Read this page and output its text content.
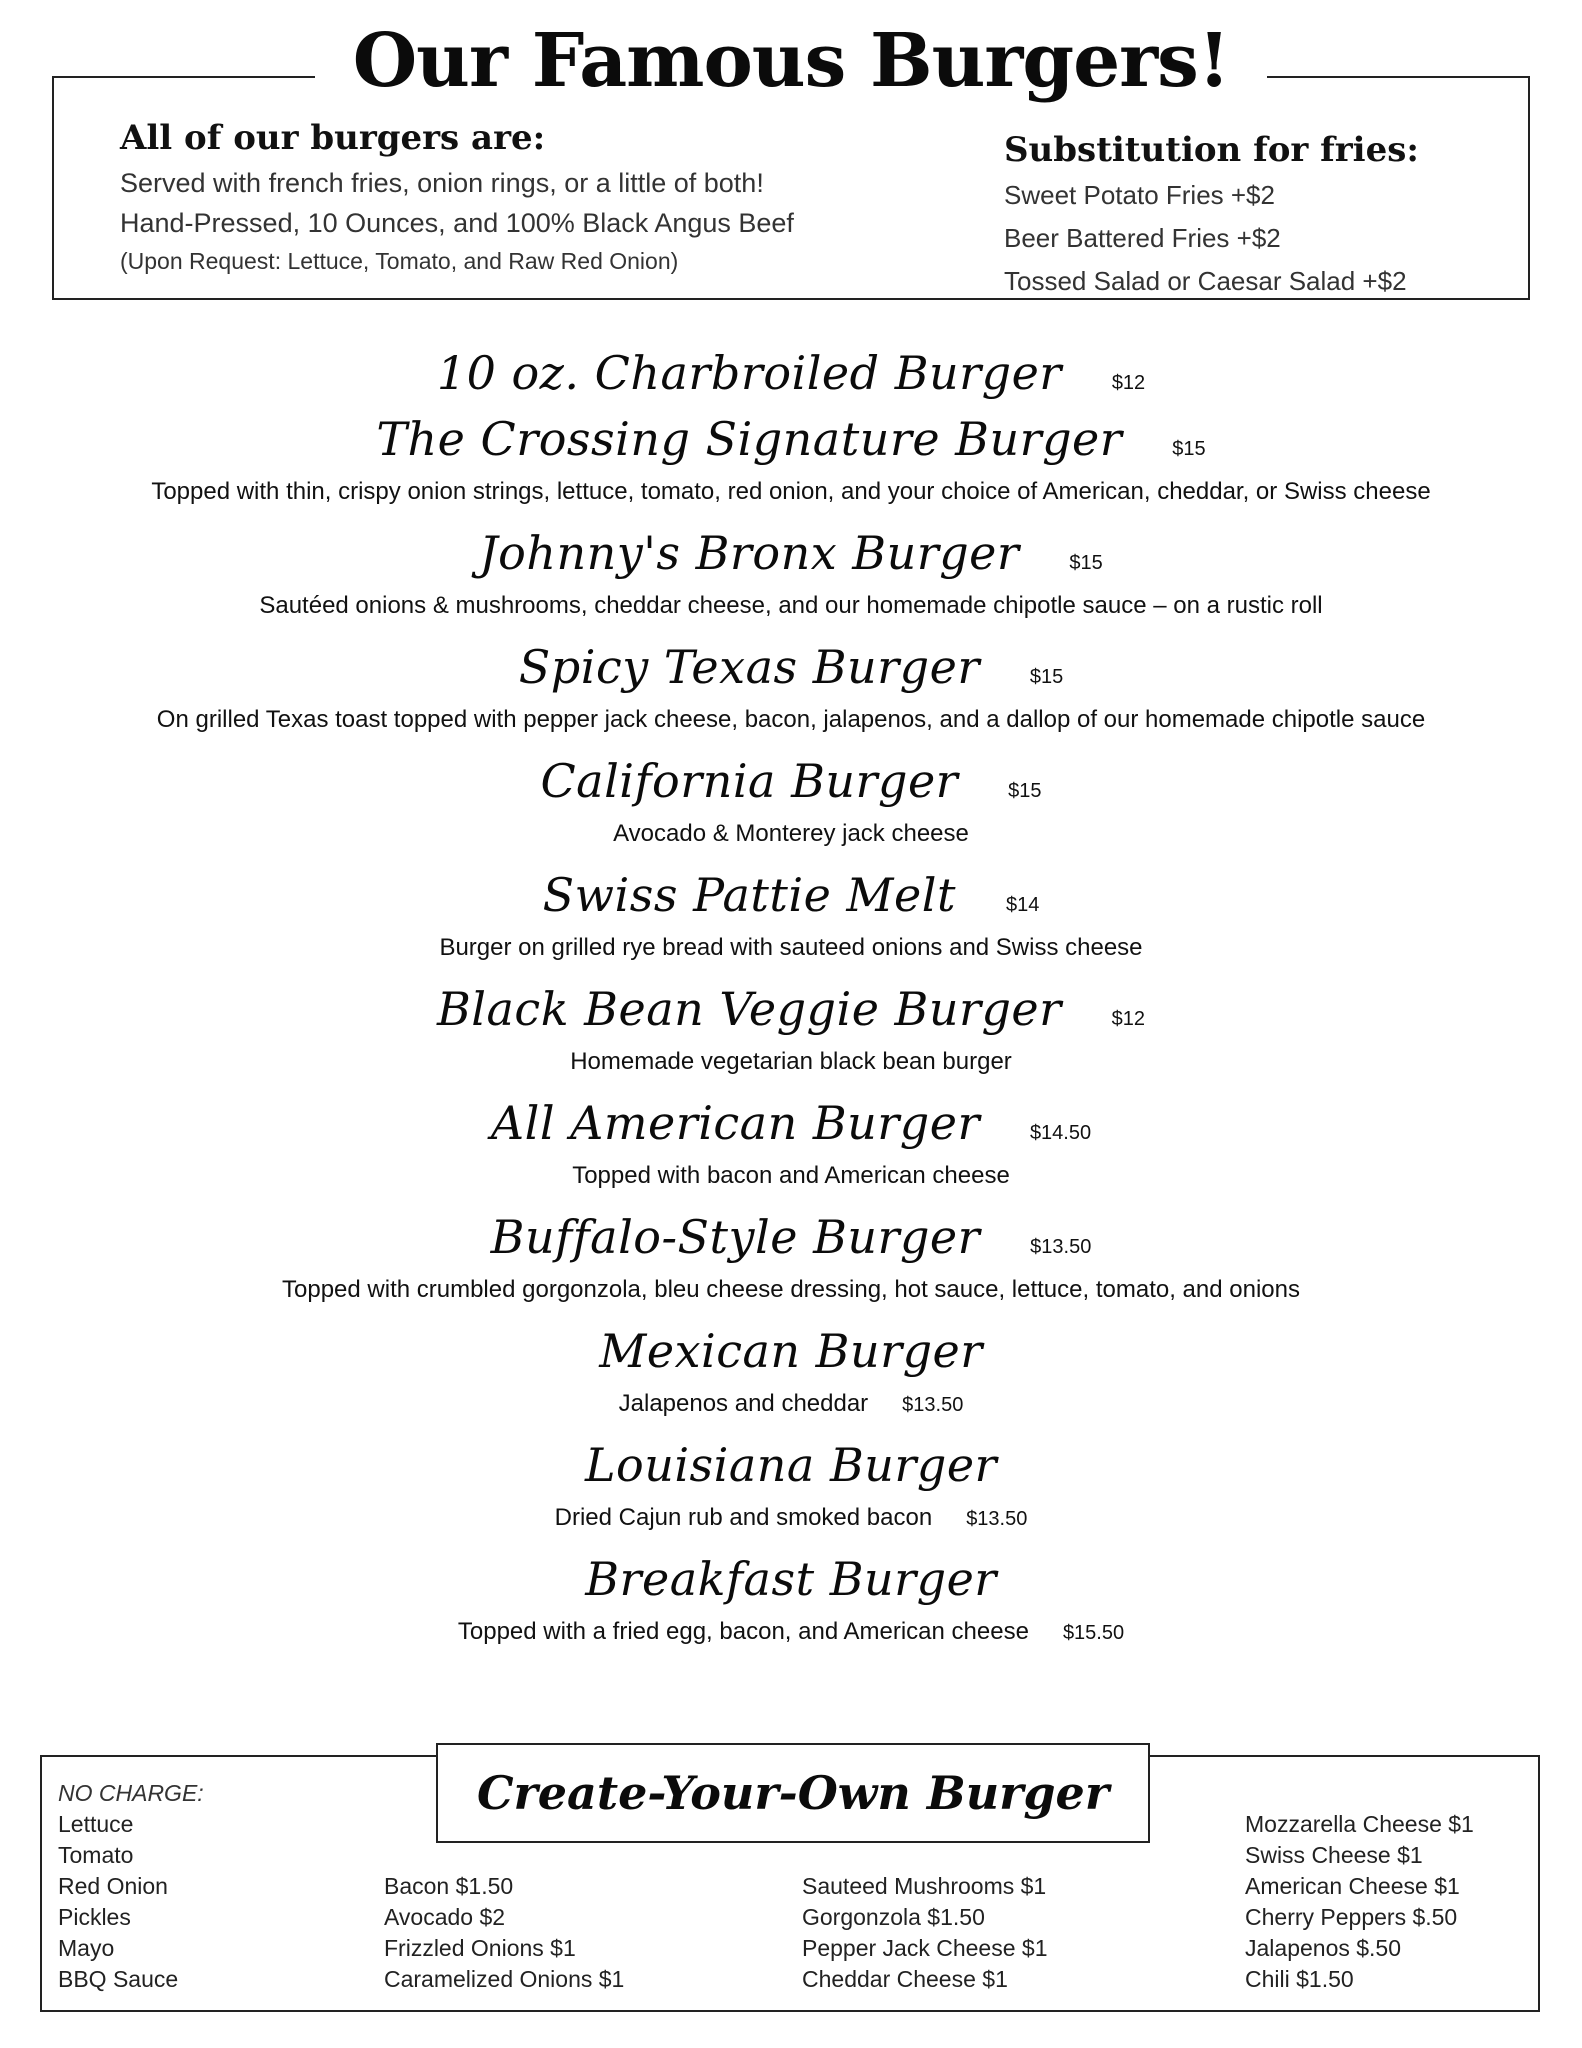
Our Famous Burgers!
All of our burgers are:
Served with french fries, onion rings, or a little of both!
Hand-Pressed, 10 Ounces, and 100% Black Angus Beef
(Upon Request: Lettuce, Tomato, and Raw Red Onion)
Substitution for fries:
Sweet Potato Fries +$2
Beer Battered Fries +$2
Tossed Salad or Caesar Salad +$2
10 oz. Charbroiled Burger	$12
The Crossing Signature Burger	$15
Topped with thin, crispy onion strings, lettuce, tomato, red onion, and your choice of American, cheddar, or Swiss cheese
Johnny's Bronx Burger	$15
Sautéed onions & mushrooms, cheddar cheese, and our homemade chipotle sauce – on a rustic roll
Spicy Texas Burger	$15
On grilled Texas toast topped with pepper jack cheese, bacon, jalapenos, and a dallop of our homemade chipotle sauce
California Burger	$15
Avocado & Monterey jack cheese
Swiss Pattie Melt	$14
Burger on grilled rye bread with sauteed onions and Swiss cheese
Black Bean Veggie Burger	$12
Homemade vegetarian black bean burger
All American Burger	$14.50
Topped with bacon and American cheese
Buffalo-Style Burger	$13.50
Topped with crumbled gorgonzola, bleu cheese dressing, hot sauce, lettuce, tomato, and onions
Mexican Burger
Jalapenos and cheddar $13.50
Louisiana Burger
Dried Cajun rub and smoked bacon $13.50
Breakfast Burger
Topped with a fried egg, bacon, and American cheese $15.50
Create-Your-Own Burger
NO CHARGE:
Lettuce
Tomato
Red Onion
Pickles
Mayo
BBQ Sauce
Bacon $1.50
Avocado $2
Frizzled Onions $1
Caramelized Onions $1
Sauteed Mushrooms $1
Gorgonzola $1.50
Pepper Jack Cheese $1
Cheddar Cheese $1
Mozzarella Cheese $1
Swiss Cheese $1
American Cheese $1
Cherry Peppers $.50
Jalapenos $.50
Chili $1.50
